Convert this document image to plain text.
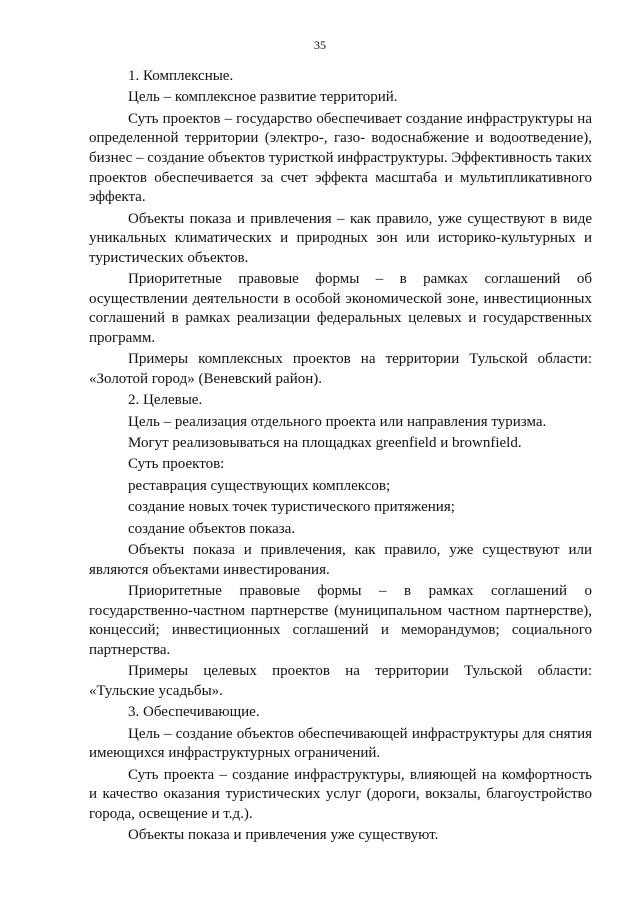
35

1. Комплексные.

Цель – комплексное развитие территорий.

Суть проектов – государство обеспечивает создание инфраструктуры на определенной территории (электро-, газо- водоснабжение и водоотведение), бизнес – создание объектов туристкой инфраструктуры. Эффективность таких проектов обеспечивается за счет эффекта масштаба и мультипликативного эффекта.

Объекты показа и привлечения – как правило, уже существуют в виде уникальных климатических и природных зон или историко-культурных и туристических объектов.

Приоритетные правовые формы – в рамках соглашений об осуществлении деятельности в особой экономической зоне, инвестиционных соглашений в рамках реализации федеральных целевых и государственных программ.

Примеры комплексных проектов на территории Тульской области: «Золотой город» (Веневский район).

2. Целевые.

Цель – реализация отдельного проекта или направления туризма.

Могут реализовываться на площадках greenfield и brownfield.

Суть проектов:

реставрация существующих комплексов;

создание новых точек туристического притяжения;

создание объектов показа.

Объекты показа и привлечения, как правило, уже существуют или являются объектами инвестирования.

Приоритетные правовые формы – в рамках соглашений о государственно-частном партнерстве (муниципальном частном партнерстве), концессий; инвестиционных соглашений и меморандумов; социального партнерства.

Примеры целевых проектов на территории Тульской области: «Тульские усадьбы».

3. Обеспечивающие.

Цель – создание объектов обеспечивающей инфраструктуры для снятия имеющихся инфраструктурных ограничений.

Суть проекта – создание инфраструктуры, влияющей на комфортность и качество оказания туристических услуг (дороги, вокзалы, благоустройство города, освещение и т.д.).

Объекты показа и привлечения уже существуют.
